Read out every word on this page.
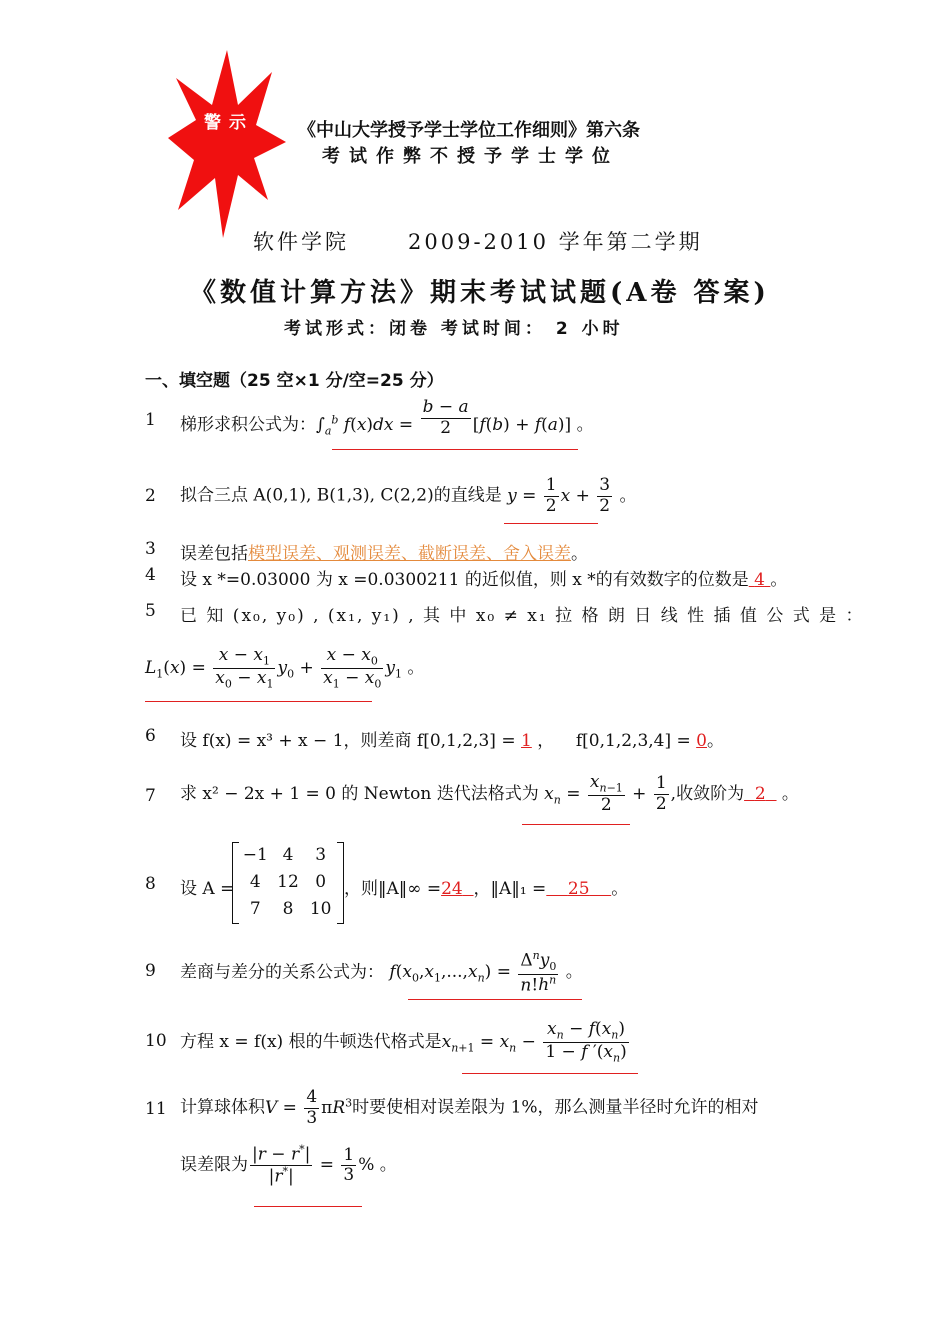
警示	《中山大学授予学士学位工作细则》第六条
考试作弊不授予学士学位
软件学院	2009-2010 学年第二学期
《数值计算方法》期末考试试题(A卷 答案)
考试形式：闭卷 考试时间： 2 小时
一、填空题（25 空×1 分/空=25 分）
1 梯形求积公式为：$\int_a^b$ $f(x)dx = \frac{b - a}{2} [f(b) + f(a)]$ 。
2 拟合三点 A(0,1), B(1,3), C(2,2)的直线是 $y = \frac{1}{2}$ $x + \frac{3}{2}$ 。
3 误差包括模型误差、观测误差、截断误差、舍入误差。
4 设 x *=0.03000 为 x =0.0300211 的近似值，则 x *的有效数字的位数是 4 。
5 已 知 (x₀, y₀) , (x₁, y₁) , 其 中 x₀ ≠ x₁ 拉 格 朗 日 线 性 插 值 公 式 是 ：
$L_1(x) = \frac{x - x_1}{x_0 - x_1} y_0 + \frac{x - x_0}{x_1 - x_0} y_1$ 。
6 设 f(x) = x³ + x − 1，则差商 f[0,1,2,3] = 1 ，    f[0,1,2,3,4] = 0。
7 求 x² − 2x + 1 = 0 的 Newton 迭代法格式为 $x_n = \frac{x_{n-1}}{2} + \frac{1}{2}$ ,收敛阶为 2   。
8 设 A =
−1 4	3
4 12 0
7	8 10
，则‖A‖∞ =24 ，‖A‖₁ = 25 。
9 差商与差分的关系公式为： $f(x_0,x_1,...,x_n) = \frac{\Delta^ny_0}{n!h^n}$ 。
10 方程 x = f(x) 根的牛顿迭代格式是$x_{n+1} = x_n - \frac{x_n - f(x_n)}{1 - f '(x_n)}$
11 计算球体积$V = \frac{4}{3} \pi R^3$时要使相对误差限为 1%，那么测量半径时允许的相对
误差限为 $\frac{|r - r^*|}{|r^*|} = \frac{1}{3}$ % 。
